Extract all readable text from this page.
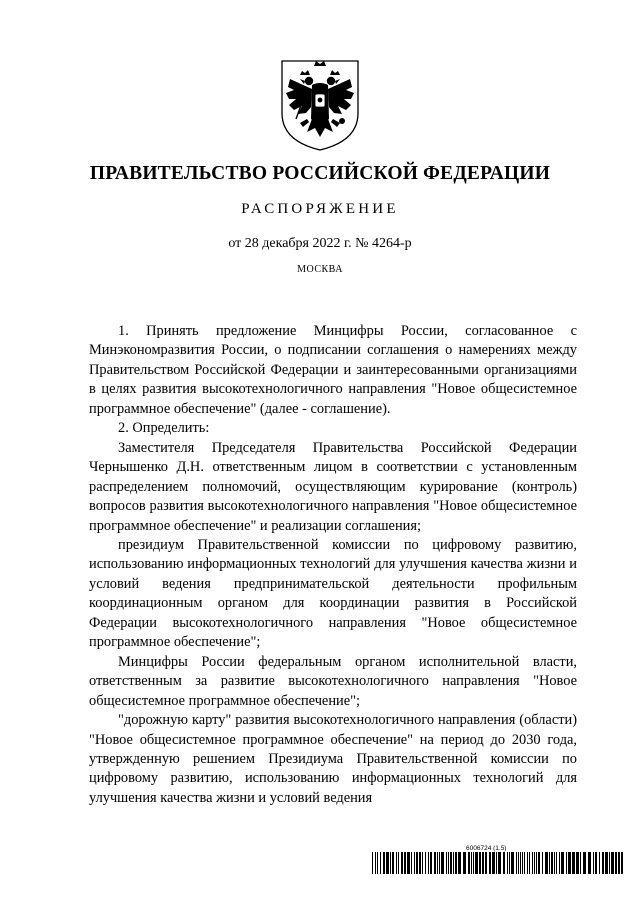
ПРАВИТЕЛЬСТВО РОССИЙСКОЙ ФЕДЕРАЦИИ
РАСПОРЯЖЕНИЕ
от 28 декабря 2022 г. № 4264-р
МОСКВА

1. Принять предложение Минцифры России, согласованное с Минэкономразвития России, о подписании соглашения о намерениях между Правительством Российской Федерации и заинтересованными организациями в целях развития высокотехнологичного направления "Новое общесистемное программное обеспечение" (далее - соглашение).

2. Определить:

Заместителя Председателя Правительства Российской Федерации Чернышенко Д.Н. ответственным лицом в соответствии с установленным распределением полномочий, осуществляющим курирование (контроль) вопросов развития высокотехнологичного направления "Новое общесистемное программное обеспечение" и реализации соглашения;

президиум Правительственной комиссии по цифровому развитию, использованию информационных технологий для улучшения качества жизни и условий ведения предпринимательской деятельности профильным координационным органом для координации развития в Российской Федерации высокотехнологичного направления "Новое общесистемное программное обеспечение";

Минцифры России федеральным органом исполнительной власти, ответственным за развитие высокотехнологичного направления "Новое общесистемное программное обеспечение";

"дорожную карту" развития высокотехнологичного направления (области) "Новое общесистемное программное обеспечение" на период до 2030 года, утвержденную решением Президиума Правительственной комиссии по цифровому развитию, использованию информационных технологий для улучшения качества жизни и условий ведения

6006724 (1.5)
